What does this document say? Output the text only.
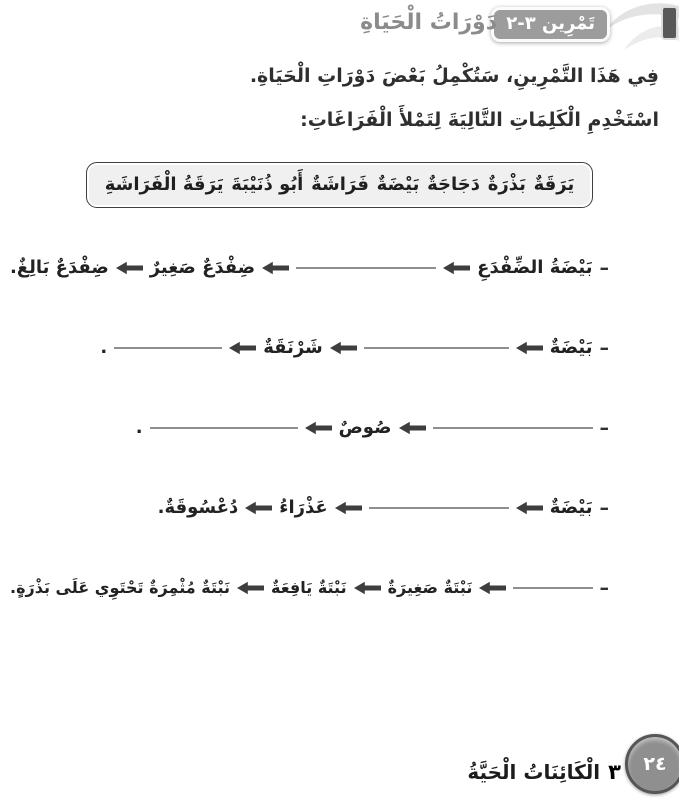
تَمْرِين ٣-٢
دَوْرَاتُ الْحَيَاةِ

فِي هَذَا التَّمْرِينِ، سَتُكْمِلُ بَعْضَ دَوْرَاتِ الْحَيَاةِ.

اسْتَخْدِمِ الْكَلِمَاتِ التَّالِيَةَ لِتَمْلأَ الْفَرَاغَاتِ:

يَرَقَةٌ
بَذْرَةٌ
دَجَاجَةٌ
بَيْضَةٌ
فَرَاشَةٌ
أَبُو ذُنَيْبَةَ
يَرَقَةُ الْفَرَاشَةِ
–
بَيْضَةُ الضِّفْدَعِ
ضِفْدَعٌ صَغِيرٌ
ضِفْدَعٌ بَالِغٌ.
–
بَيْضَةٌ
شَرْنَقَةٌ
.
–
صُوصٌ
.
–
بَيْضَةٌ
عَذْرَاءُ
دُعْسُوقَةٌ.
–
نَبْتَةٌ صَغِيرَةٌ
نَبْتَةٌ يَافِعَةٌ
نَبْتَةٌ مُثْمِرَةٌ تَحْتَوِي عَلَى بَذْرَةٍ.
٣الْكَائِنَاتُ الْحَيَّةُ	٢٤
